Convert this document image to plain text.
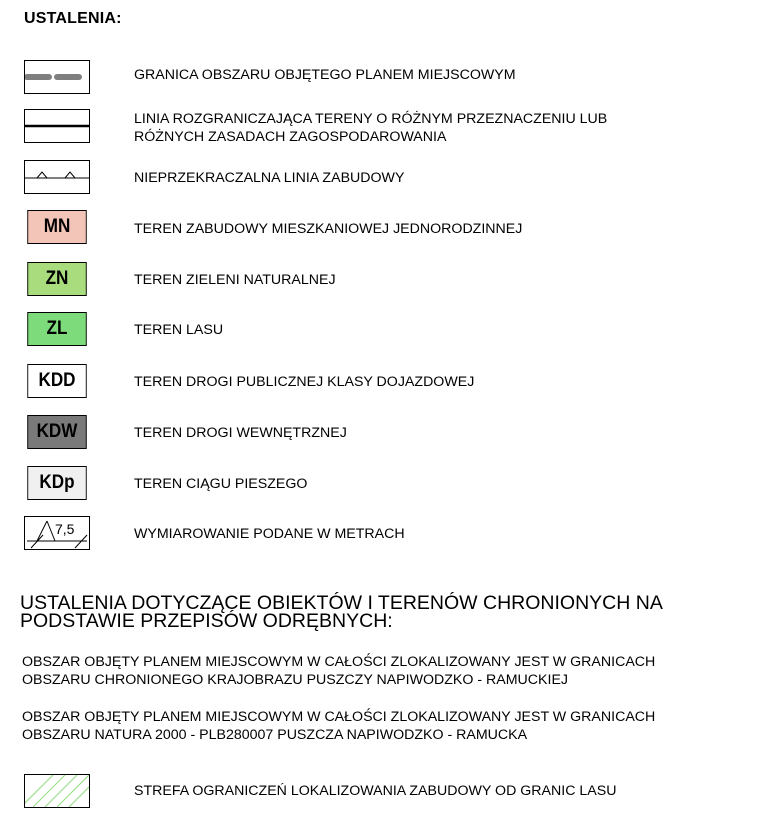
USTALENIA:
GRANICA OBSZARU OBJĘTEGO PLANEM MIEJSCOWYM
LINIA ROZGRANICZAJĄCA TERENY O RÓŻNYM PRZEZNACZENIU LUB
RÓŻNYCH ZASADACH ZAGOSPODAROWANIA
NIEPRZEKRACZALNA LINIA ZABUDOWY
MN	TEREN ZABUDOWY MIESZKANIOWEJ JEDNORODZINNEJ
ZN	TEREN ZIELENI NATURALNEJ
ZL	TEREN LASU
KDD	TEREN DROGI PUBLICZNEJ KLASY DOJAZDOWEJ
KDW	TEREN DROGI WEWNĘTRZNEJ
KDp	TEREN CIĄGU PIESZEGO
7,5	WYMIAROWANIE PODANE W METRACH
USTALENIA DOTYCZĄCE OBIEKTÓW I TERENÓW CHRONIONYCH NA
PODSTAWIE PRZEPISÓW ODRĘBNYCH:
OBSZAR OBJĘTY PLANEM MIEJSCOWYM W CAŁOŚCI ZLOKALIZOWANY JEST W GRANICACH
OBSZARU CHRONIONEGO KRAJOBRAZU PUSZCZY NAPIWODZKO - RAMUCKIEJ
OBSZAR OBJĘTY PLANEM MIEJSCOWYM W CAŁOŚCI ZLOKALIZOWANY JEST W GRANICACH
OBSZARU NATURA 2000 - PLB280007 PUSZCZA NAPIWODZKO - RAMUCKA
STREFA OGRANICZEŃ LOKALIZOWANIA ZABUDOWY OD GRANIC LASU
